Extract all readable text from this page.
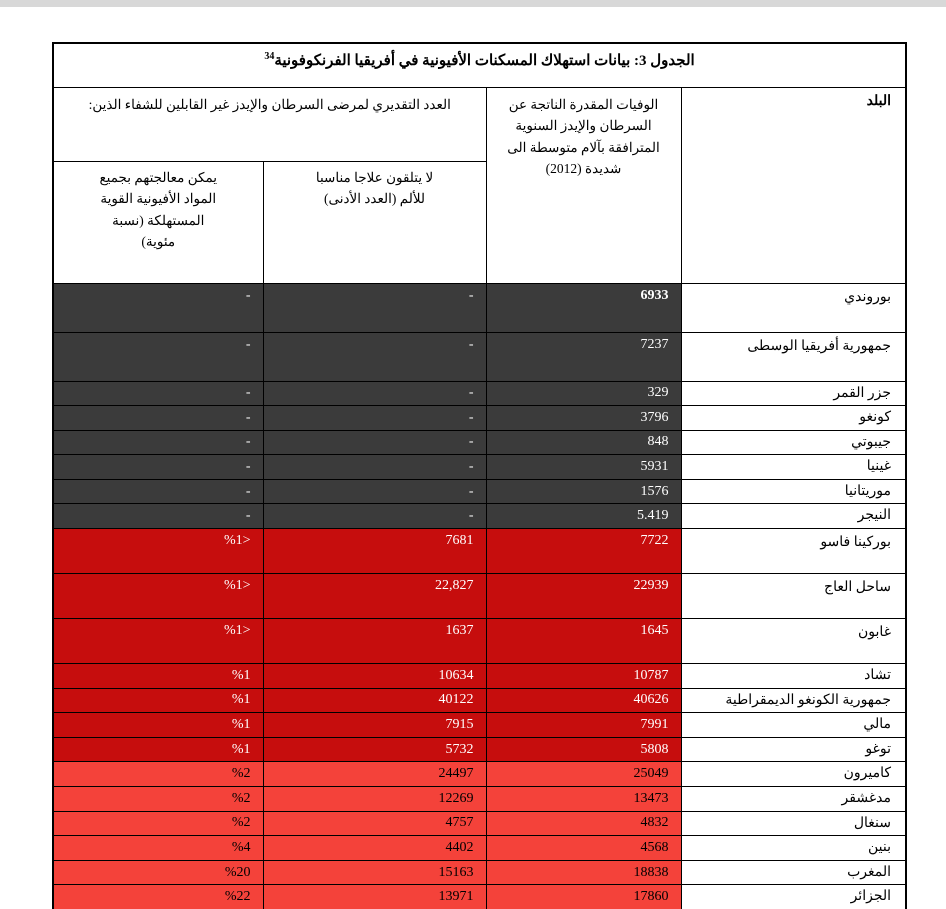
الجدول 3: بيانات استهلاك المسكنات الأفيونية في أفريقيا الفرنكوفونية$^{34}$
البلد	الوفيات المقدرة الناتجة عن السرطان والإيدز السنوية المترافقة بآلام متوسطة الى شديدة (2012)	العدد التقديري لمرضى السرطان والإيدز غير القابلين للشفاء الذين:	
		لا يتلقون علاجا مناسبا للألم (العدد الأدنى)	يمكن معالجتهم بجميع المواد الأفيونية القوية المستهلكة (نسبة مئوية)
بوروندي	6933	-	-
جمهورية أفريقيا الوسطى	7237	-	-
جزر القمر	329	-	-
كونغو	3796	-	-
جيبوتي	848	-	-
غينيا	5931	-	-
موريتانيا	1576	-	-
النيجر	5.419	-	-
بوركينا فاسو	7722	7681	%1>
ساحل العاج	22939	22,827	%1>
غابون	1645	1637	%1>
تشاد	10787	10634	%1
جمهورية الكونغو الديمقراطية	40626	40122	%1
مالي	7991	7915	%1
توغو	5808	5732	%1
كاميرون	25049	24497	%2
مدغشقر	13473	12269	%2
سنغال	4832	4757	%2
بنين	4568	4402	%4
المغرب	18838	15163	%20
الجزائر	17860	13971	%22
